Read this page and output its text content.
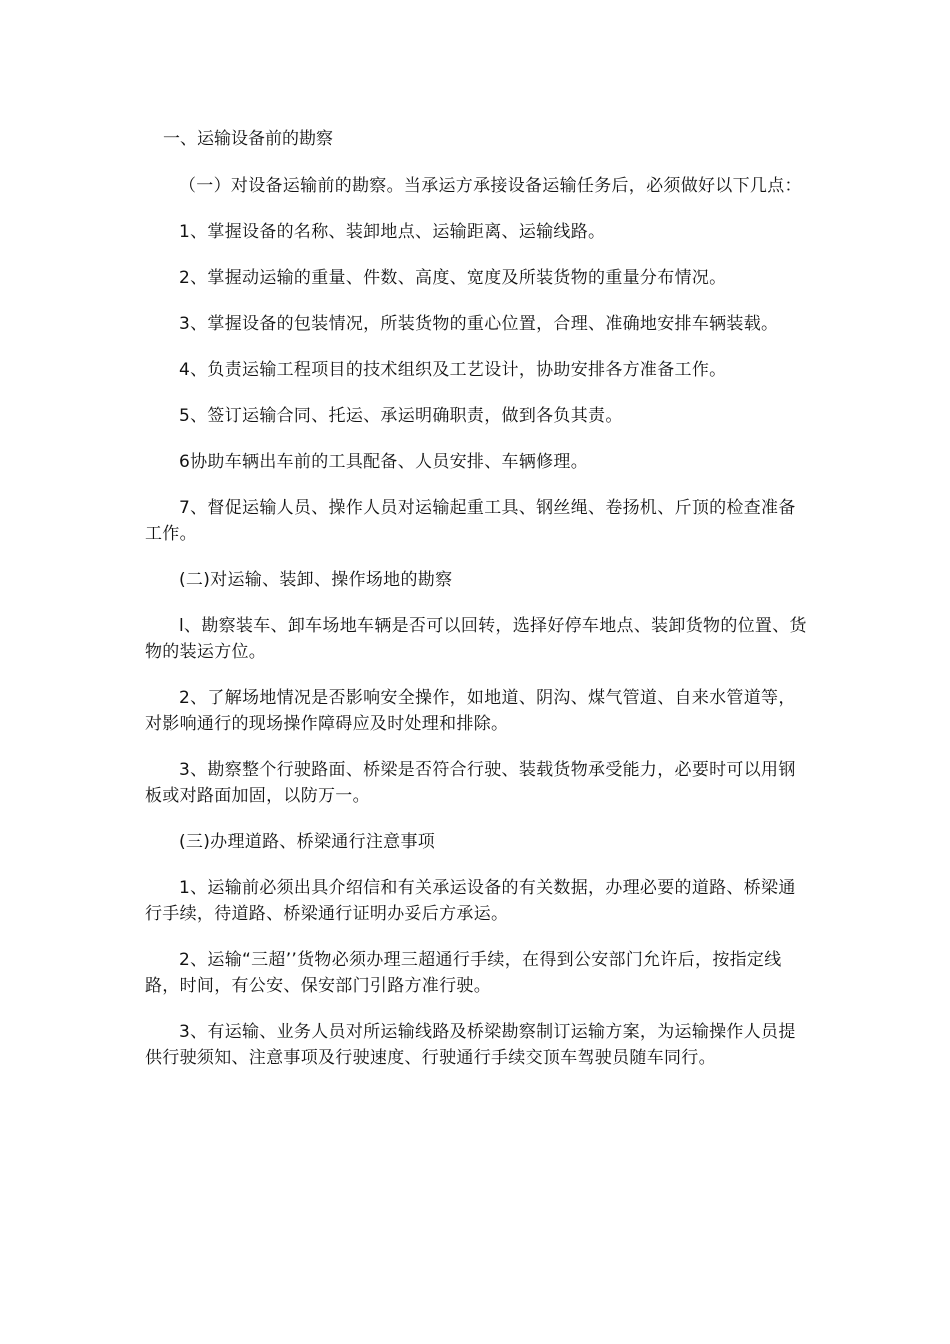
一、运输设备前的勘察
（一）对设备运输前的勘察。当承运方承接设备运输任务后，必须做好以下几点：
1、掌握设备的名称、装卸地点、运输距离、运输线路。
2、掌握动运输的重量、件数、高度、宽度及所装货物的重量分布情况。
3、掌握设备的包装情况，所装货物的重心位置，合理、准确地安排车辆装载。
4、负责运输工程项目的技术组织及工艺设计，协助安排各方准备工作。
5、签订运输合同、托运、承运明确职责，做到各负其责。
6协助车辆出车前的工具配备、人员安排、车辆修理。
7、督促运输人员、操作人员对运输起重工具、钢丝绳、卷扬机、斤顶的检查准备工作。
(二)对运输、装卸、操作场地的勘察
l、勘察装车、卸车场地车辆是否可以回转，选择好停车地点、装卸货物的位置、货物的装运方位。
2、了解场地情况是否影响安全操作，如地道、阴沟、煤气管道、自来水管道等，对影响通行的现场操作障碍应及时处理和排除。
3、勘察整个行驶路面、桥梁是否符合行驶、装载货物承受能力，必要时可以用钢板或对路面加固，以防万一。
(三)办理道路、桥梁通行注意事项
1、运输前必须出具介绍信和有关承运设备的有关数据，办理必要的道路、桥梁通行手续，待道路、桥梁通行证明办妥后方承运。
2、运输“三超’’货物必须办理三超通行手续，在得到公安部门允许后，按指定线路，时间，有公安、保安部门引路方准行驶。
3、有运输、业务人员对所运输线路及桥梁勘察制订运输方案，为运输操作人员提供行驶须知、注意事项及行驶速度、行驶通行手续交顶车驾驶员随车同行。
